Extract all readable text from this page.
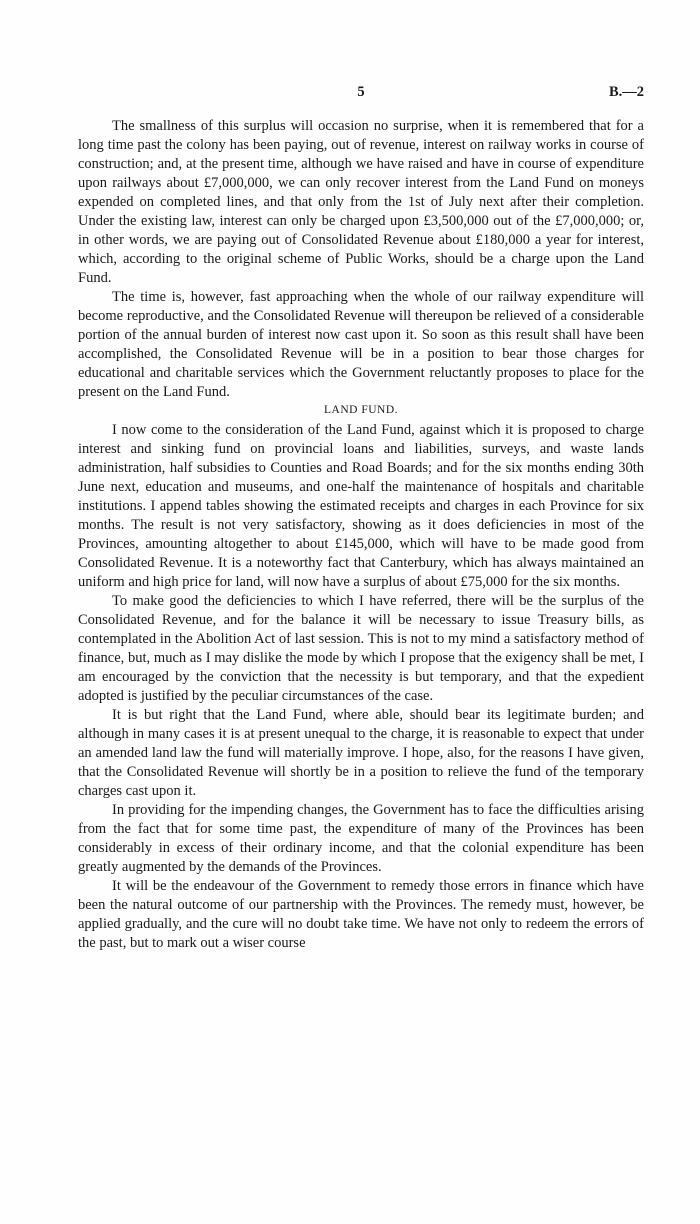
5	B.—2

The smallness of this surplus will occasion no surprise, when it is remembered that for a long time past the colony has been paying, out of revenue, interest on railway works in course of construction; and, at the present time, although we have raised and have in course of expenditure upon railways about £7,000,000, we can only recover interest from the Land Fund on moneys expended on completed lines, and that only from the 1st of July next after their completion. Under the existing law, interest can only be charged upon £3,500,000 out of the £7,000,000; or, in other words, we are paying out of Consolidated Revenue about £180,000 a year for interest, which, according to the original scheme of Public Works, should be a charge upon the Land Fund.

The time is, however, fast approaching when the whole of our railway expenditure will become reproductive, and the Consolidated Revenue will thereupon be relieved of a considerable portion of the annual burden of interest now cast upon it. So soon as this result shall have been accomplished, the Consolidated Revenue will be in a position to bear those charges for educational and charitable services which the Government reluctantly proposes to place for the present on the Land Fund.

LAND FUND.

I now come to the consideration of the Land Fund, against which it is proposed to charge interest and sinking fund on provincial loans and liabilities, surveys, and waste lands administration, half subsidies to Counties and Road Boards; and for the six months ending 30th June next, education and museums, and one-half the maintenance of hospitals and charitable institutions. I append tables showing the estimated receipts and charges in each Province for six months. The result is not very satisfactory, showing as it does deficiencies in most of the Provinces, amounting altogether to about £145,000, which will have to be made good from Consolidated Revenue. It is a noteworthy fact that Canterbury, which has always maintained an uniform and high price for land, will now have a surplus of about £75,000 for the six months.

To make good the deficiencies to which I have referred, there will be the surplus of the Consolidated Revenue, and for the balance it will be necessary to issue Treasury bills, as contemplated in the Abolition Act of last session. This is not to my mind a satisfactory method of finance, but, much as I may dislike the mode by which I propose that the exigency shall be met, I am encouraged by the conviction that the necessity is but temporary, and that the expedient adopted is justified by the peculiar circumstances of the case.

It is but right that the Land Fund, where able, should bear its legitimate burden; and although in many cases it is at present unequal to the charge, it is reasonable to expect that under an amended land law the fund will materially improve. I hope, also, for the reasons I have given, that the Consolidated Revenue will shortly be in a position to relieve the fund of the temporary charges cast upon it.

In providing for the impending changes, the Government has to face the difficulties arising from the fact that for some time past, the expenditure of many of the Provinces has been considerably in excess of their ordinary income, and that the colonial expenditure has been greatly augmented by the demands of the Provinces.

It will be the endeavour of the Government to remedy those errors in finance which have been the natural outcome of our partnership with the Provinces. The remedy must, however, be applied gradually, and the cure will no doubt take time. We have not only to redeem the errors of the past, but to mark out a wiser course
